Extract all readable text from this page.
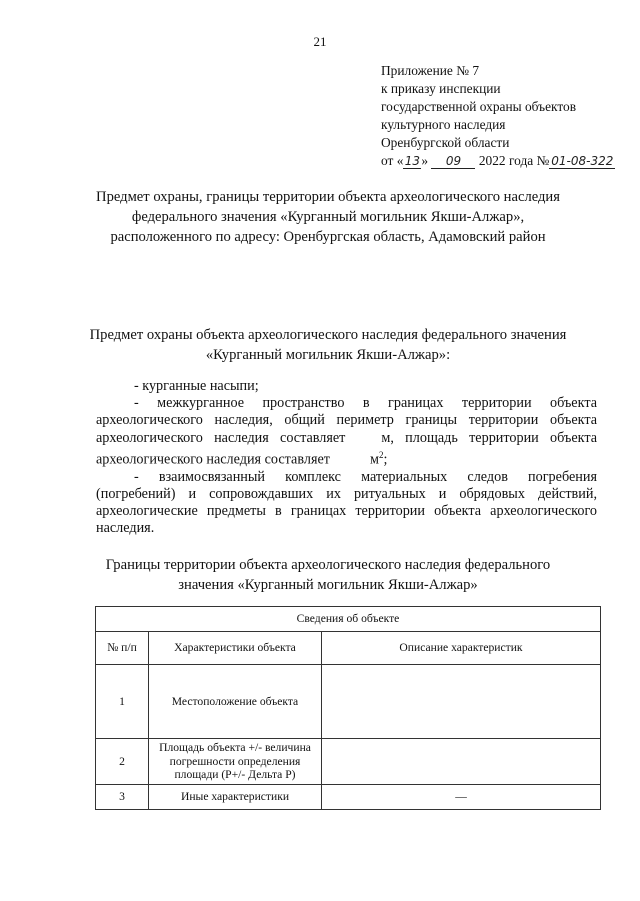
21
Приложение № 7
к приказу инспекции
государственной охраны объектов
культурного наследия
Оренбургской области
от «13» 09 2022 года № 01-08-322
Предмет охраны, границы территории объекта археологического наследия
федерального значения «Курганный могильник Якши-Алжар»,
расположенного по адресу: Оренбургская область, Адамовский район
Предмет охраны объекта археологического наследия федерального значения
«Курганный могильник Якши-Алжар»:
- курганные насыпи;
- межкурганное пространство в границах территории объекта археологического наследия, общий периметр границы территории объекта археологического наследия составляет	м, площадь территории объекта археологического наследия составляет	$м^2$;
- взаимосвязанный комплекс материальных следов погребения (погребений) и сопровождавших их ритуальных и обрядовых действий, археологические предметы в границах территории объекта археологического наследия.
Границы территории объекта археологического наследия федерального
значения «Курганный могильник Якши-Алжар»
Сведения об объекте		
№ п/п	Характеристики объекта	Описание характеристик
1	Местоположение объекта	
2	Площадь объекта +/- величина погрешности определения площади (Р+/- Дельта Р)	
3	Иные характеристики	—
